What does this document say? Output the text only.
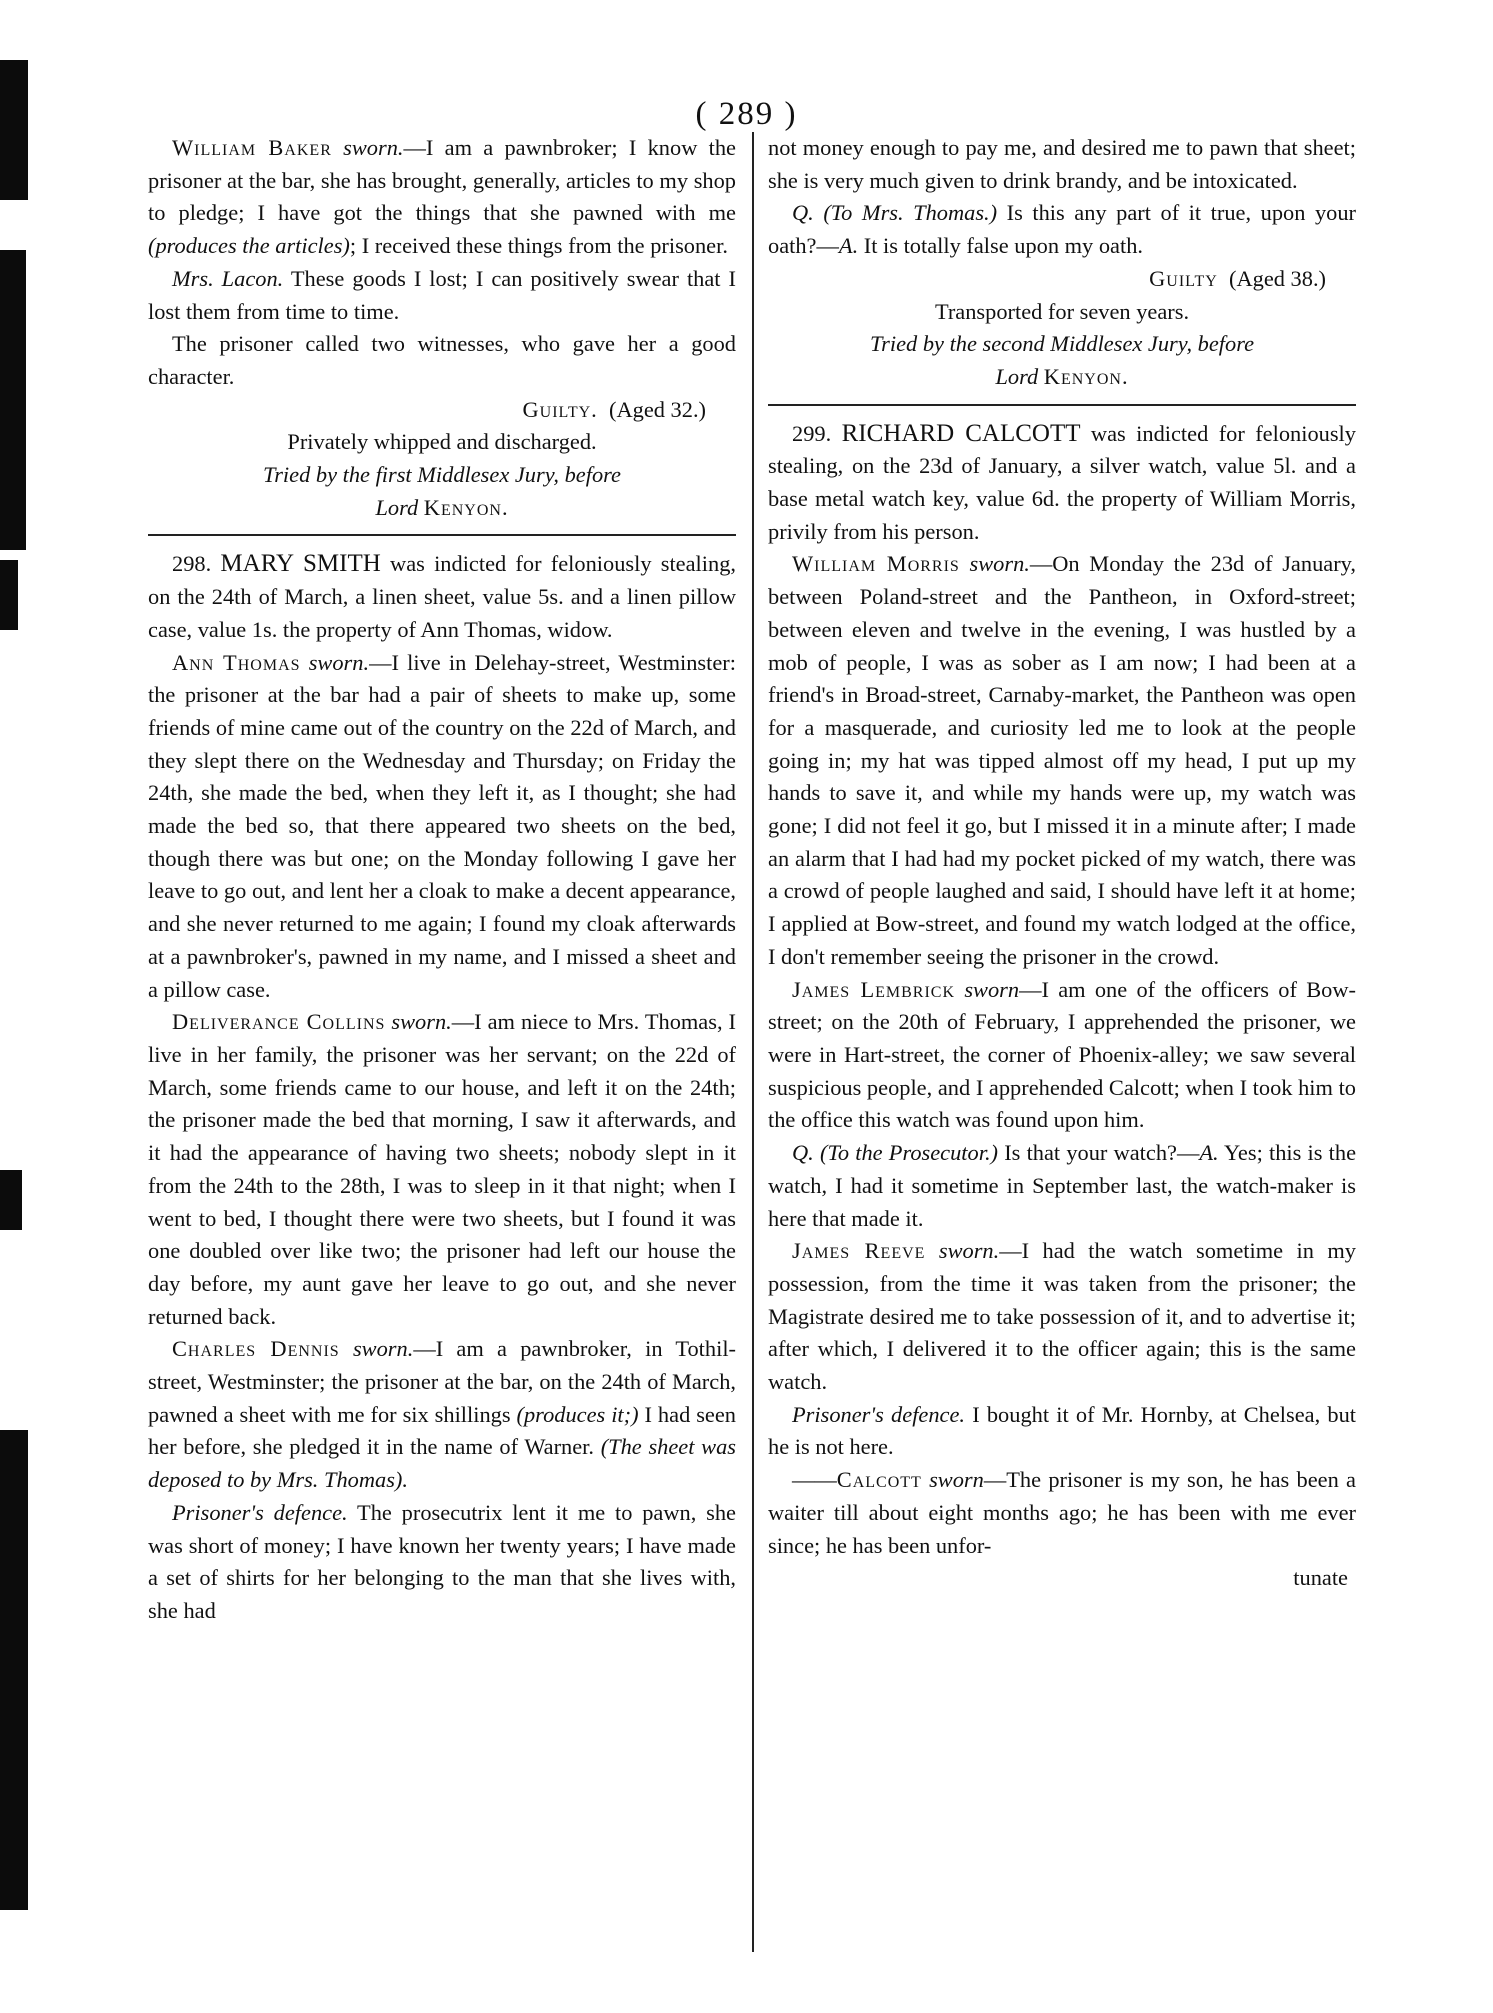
( 289 )

William Baker sworn.—I am a pawnbroker; I know the prisoner at the bar, she has brought, generally, articles to my shop to pledge; I have got the things that she pawned with me (produces the articles); I received these things from the prisoner.

Mrs. Lacon. These goods I lost; I can positively swear that I lost them from time to time.

The prisoner called two witnesses, who gave her a good character.

Guilty. (Aged 32.)

Privately whipped and discharged.

Tried by the first Middlesex Jury, before

Lord Kenyon.

298. MARY SMITH was indicted for feloniously stealing, on the 24th of March, a linen sheet, value 5s. and a linen pillow case, value 1s. the property of Ann Thomas, widow.

Ann Thomas sworn.—I live in Delehay-street, Westminster: the prisoner at the bar had a pair of sheets to make up, some friends of mine came out of the country on the 22d of March, and they slept there on the Wednesday and Thursday; on Friday the 24th, she made the bed, when they left it, as I thought; she had made the bed so, that there appeared two sheets on the bed, though there was but one; on the Monday following I gave her leave to go out, and lent her a cloak to make a decent appearance, and she never returned to me again; I found my cloak afterwards at a pawnbroker's, pawned in my name, and I missed a sheet and a pillow case.

Deliverance Collins sworn.—I am niece to Mrs. Thomas, I live in her family, the prisoner was her servant; on the 22d of March, some friends came to our house, and left it on the 24th; the prisoner made the bed that morning, I saw it afterwards, and it had the appearance of having two sheets; nobody slept in it from the 24th to the 28th, I was to sleep in it that night; when I went to bed, I thought there were two sheets, but I found it was one doubled over like two; the prisoner had left our house the day before, my aunt gave her leave to go out, and she never returned back.

Charles Dennis sworn.—I am a pawnbroker, in Tothil-street, Westminster; the prisoner at the bar, on the 24th of March, pawned a sheet with me for six shillings (produces it;) I had seen her before, she pledged it in the name of Warner. (The sheet was deposed to by Mrs. Thomas).

Prisoner's defence. The prosecutrix lent it me to pawn, she was short of money; I have known her twenty years; I have made a set of shirts for her belonging to the man that she lives with, she had

not money enough to pay me, and desired me to pawn that sheet; she is very much given to drink brandy, and be intoxicated.

Q. (To Mrs. Thomas.) Is this any part of it true, upon your oath?—A. It is totally false upon my oath.

Guilty (Aged 38.)

Transported for seven years.

Tried by the second Middlesex Jury, before

Lord Kenyon.

299. RICHARD CALCOTT was indicted for feloniously stealing, on the 23d of January, a silver watch, value 5l. and a base metal watch key, value 6d. the property of William Morris, privily from his person.

William Morris sworn.—On Monday the 23d of January, between Poland-street and the Pantheon, in Oxford-street; between eleven and twelve in the evening, I was hustled by a mob of people, I was as sober as I am now; I had been at a friend's in Broad-street, Carnaby-market, the Pantheon was open for a masquerade, and curiosity led me to look at the people going in; my hat was tipped almost off my head, I put up my hands to save it, and while my hands were up, my watch was gone; I did not feel it go, but I missed it in a minute after; I made an alarm that I had had my pocket picked of my watch, there was a crowd of people laughed and said, I should have left it at home; I applied at Bow-street, and found my watch lodged at the office, I don't remember seeing the prisoner in the crowd.

James Lembrick sworn—I am one of the officers of Bow-street; on the 20th of February, I apprehended the prisoner, we were in Hart-street, the corner of Phoenix-alley; we saw several suspicious people, and I apprehended Calcott; when I took him to the office this watch was found upon him.

Q. (To the Prosecutor.) Is that your watch?—A. Yes; this is the watch, I had it sometime in September last, the watch-maker is here that made it.

James Reeve sworn.—I had the watch sometime in my possession, from the time it was taken from the prisoner; the Magistrate desired me to take possession of it, and to advertise it; after which, I delivered it to the officer again; this is the same watch.

Prisoner's defence. I bought it of Mr. Hornby, at Chelsea, but he is not here.

——Calcott sworn—The prisoner is my son, he has been a waiter till about eight months ago; he has been with me ever since; he has been unfor-

tunate
